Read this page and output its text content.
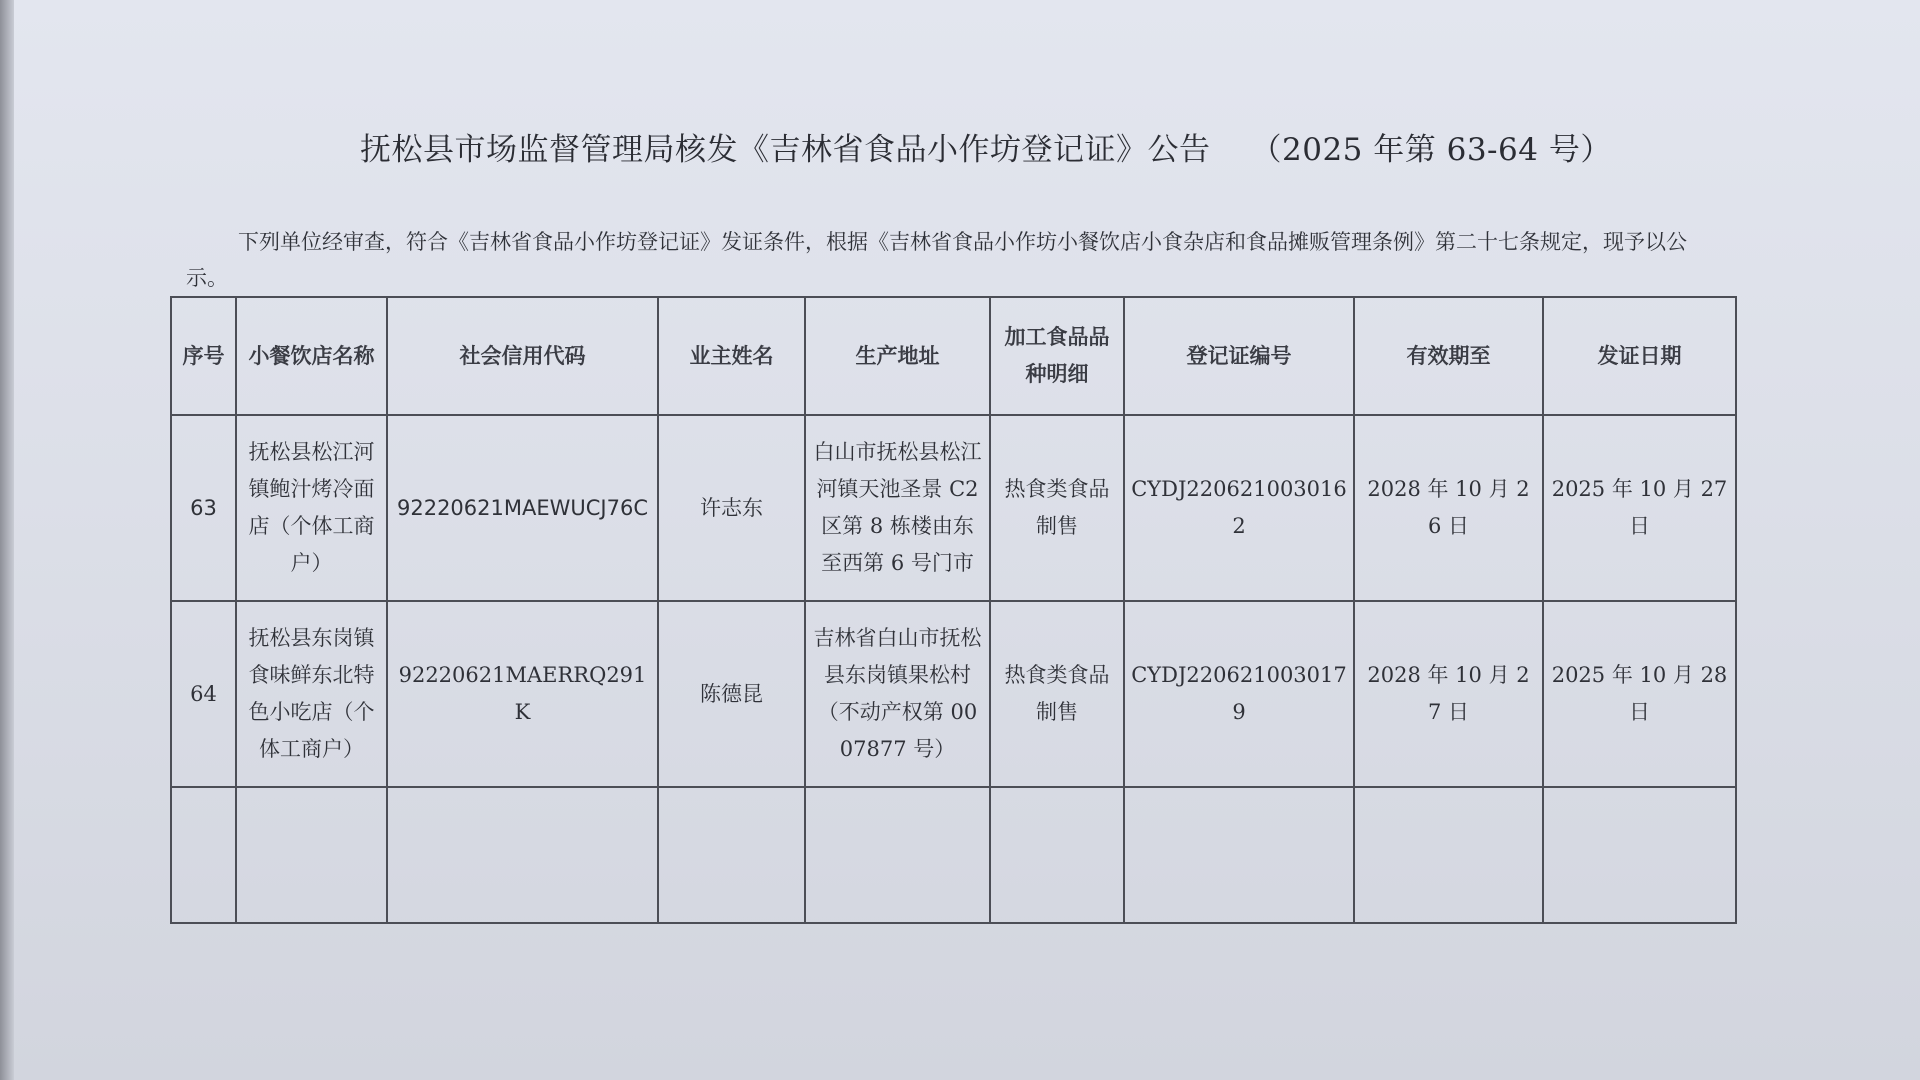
抚松县市场监督管理局核发《吉林省食品小作坊登记证》公告 （2025 年第 63-64 号）
下列单位经审查，符合《吉林省食品小作坊登记证》发证条件，根据《吉林省食品小作坊小餐饮店小食杂店和食品摊贩管理条例》第二十七条规定，现予以公示。
序号	小餐饮店名称	社会信用代码	业主姓名	生产地址	加工食品品种明细	登记证编号	有效期至	发证日期
63	抚松县松江河镇鲍汁烤冷面店（个体工商户）	92220621MAEWUCJ76C	许志东	白山市抚松县松江河镇天池圣景 C2 区第 8 栋楼由东至西第 6 号门市	热食类食品制售	CYDJ2206210030162	2028 年 10 月 26 日	2025 年 10 月 27 日
64	抚松县东岗镇食味鲜东北特色小吃店（个体工商户）	92220621MAERRQ291K	陈德昆	吉林省白山市抚松县东岗镇果松村（不动产权第 0007877 号）	热食类食品制售	CYDJ2206210030179	2028 年 10 月 27 日	2025 年 10 月 28 日
